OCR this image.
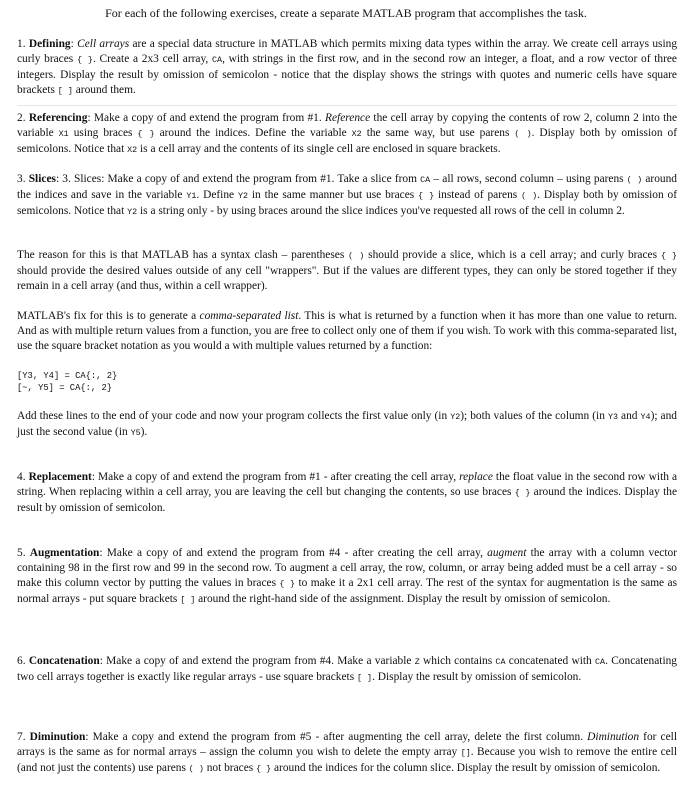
For each of the following exercises, create a separate MATLAB program that accomplishes the task.
1. Defining: Cell arrays are a special data structure in MATLAB which permits mixing data types within the array. We create cell arrays using curly braces { }. Create a 2x3 cell array, CA, with strings in the first row, and in the second row an integer, a float, and a row vector of three integers. Display the result by omission of semicolon - notice that the display shows the strings with quotes and numeric cells have square brackets [ ] around them.
2. Referencing: Make a copy of and extend the program from #1. Reference the cell array by copying the contents of row 2, column 2 into the variable X1 using braces { } around the indices. Define the variable X2 the same way, but use parens ( ). Display both by omission of semicolons. Notice that X2 is a cell array and the contents of its single cell are enclosed in square brackets.
3. Slices: 3. Slices: Make a copy of and extend the program from #1. Take a slice from CA – all rows, second column – using parens ( ) around the indices and save in the variable Y1. Define Y2 in the same manner but use braces { } instead of parens ( ). Display both by omission of semicolons. Notice that Y2 is a string only - by using braces around the slice indices you've requested all rows of the cell in column 2.
The reason for this is that MATLAB has a syntax clash – parentheses ( ) should provide a slice, which is a cell array; and curly braces { } should provide the desired values outside of any cell "wrappers". But if the values are different types, they can only be stored together if they remain in a cell array (and thus, within a cell wrapper).
MATLAB's fix for this is to generate a comma-separated list. This is what is returned by a function when it has more than one value to return. And as with multiple return values from a function, you are free to collect only one of them if you wish. To work with this comma-separated list, use the square bracket notation as you would a with multiple values returned by a function:
[Y3, Y4] = CA{:, 2}
[~, Y5] = CA{:, 2}
Add these lines to the end of your code and now your program collects the first value only (in Y2); both values of the column (in Y3 and Y4); and just the second value (in Y5).
4. Replacement: Make a copy of and extend the program from #1 - after creating the cell array, replace the float value in the second row with a string. When replacing within a cell array, you are leaving the cell but changing the contents, so use braces { } around the indices. Display the result by omission of semicolon.
5. Augmentation: Make a copy of and extend the program from #4 - after creating the cell array, augment the array with a column vector containing 98 in the first row and 99 in the second row. To augment a cell array, the row, column, or array being added must be a cell array - so make this column vector by putting the values in braces { } to make it a 2x1 cell array. The rest of the syntax for augmentation is the same as normal arrays - put square brackets [ ] around the right-hand side of the assignment. Display the result by omission of semicolon.
6. Concatenation: Make a copy of and extend the program from #4. Make a variable Z which contains CA concatenated with CA. Concatenating two cell arrays together is exactly like regular arrays - use square brackets [ ]. Display the result by omission of semicolon.
7. Diminution: Make a copy and extend the program from #5 - after augmenting the cell array, delete the first column. Diminution for cell arrays is the same as for normal arrays – assign the column you wish to delete the empty array []. Because you wish to remove the entire cell (and not just the contents) use parens ( ) not braces { } around the indices for the column slice. Display the result by omission of semicolon.
